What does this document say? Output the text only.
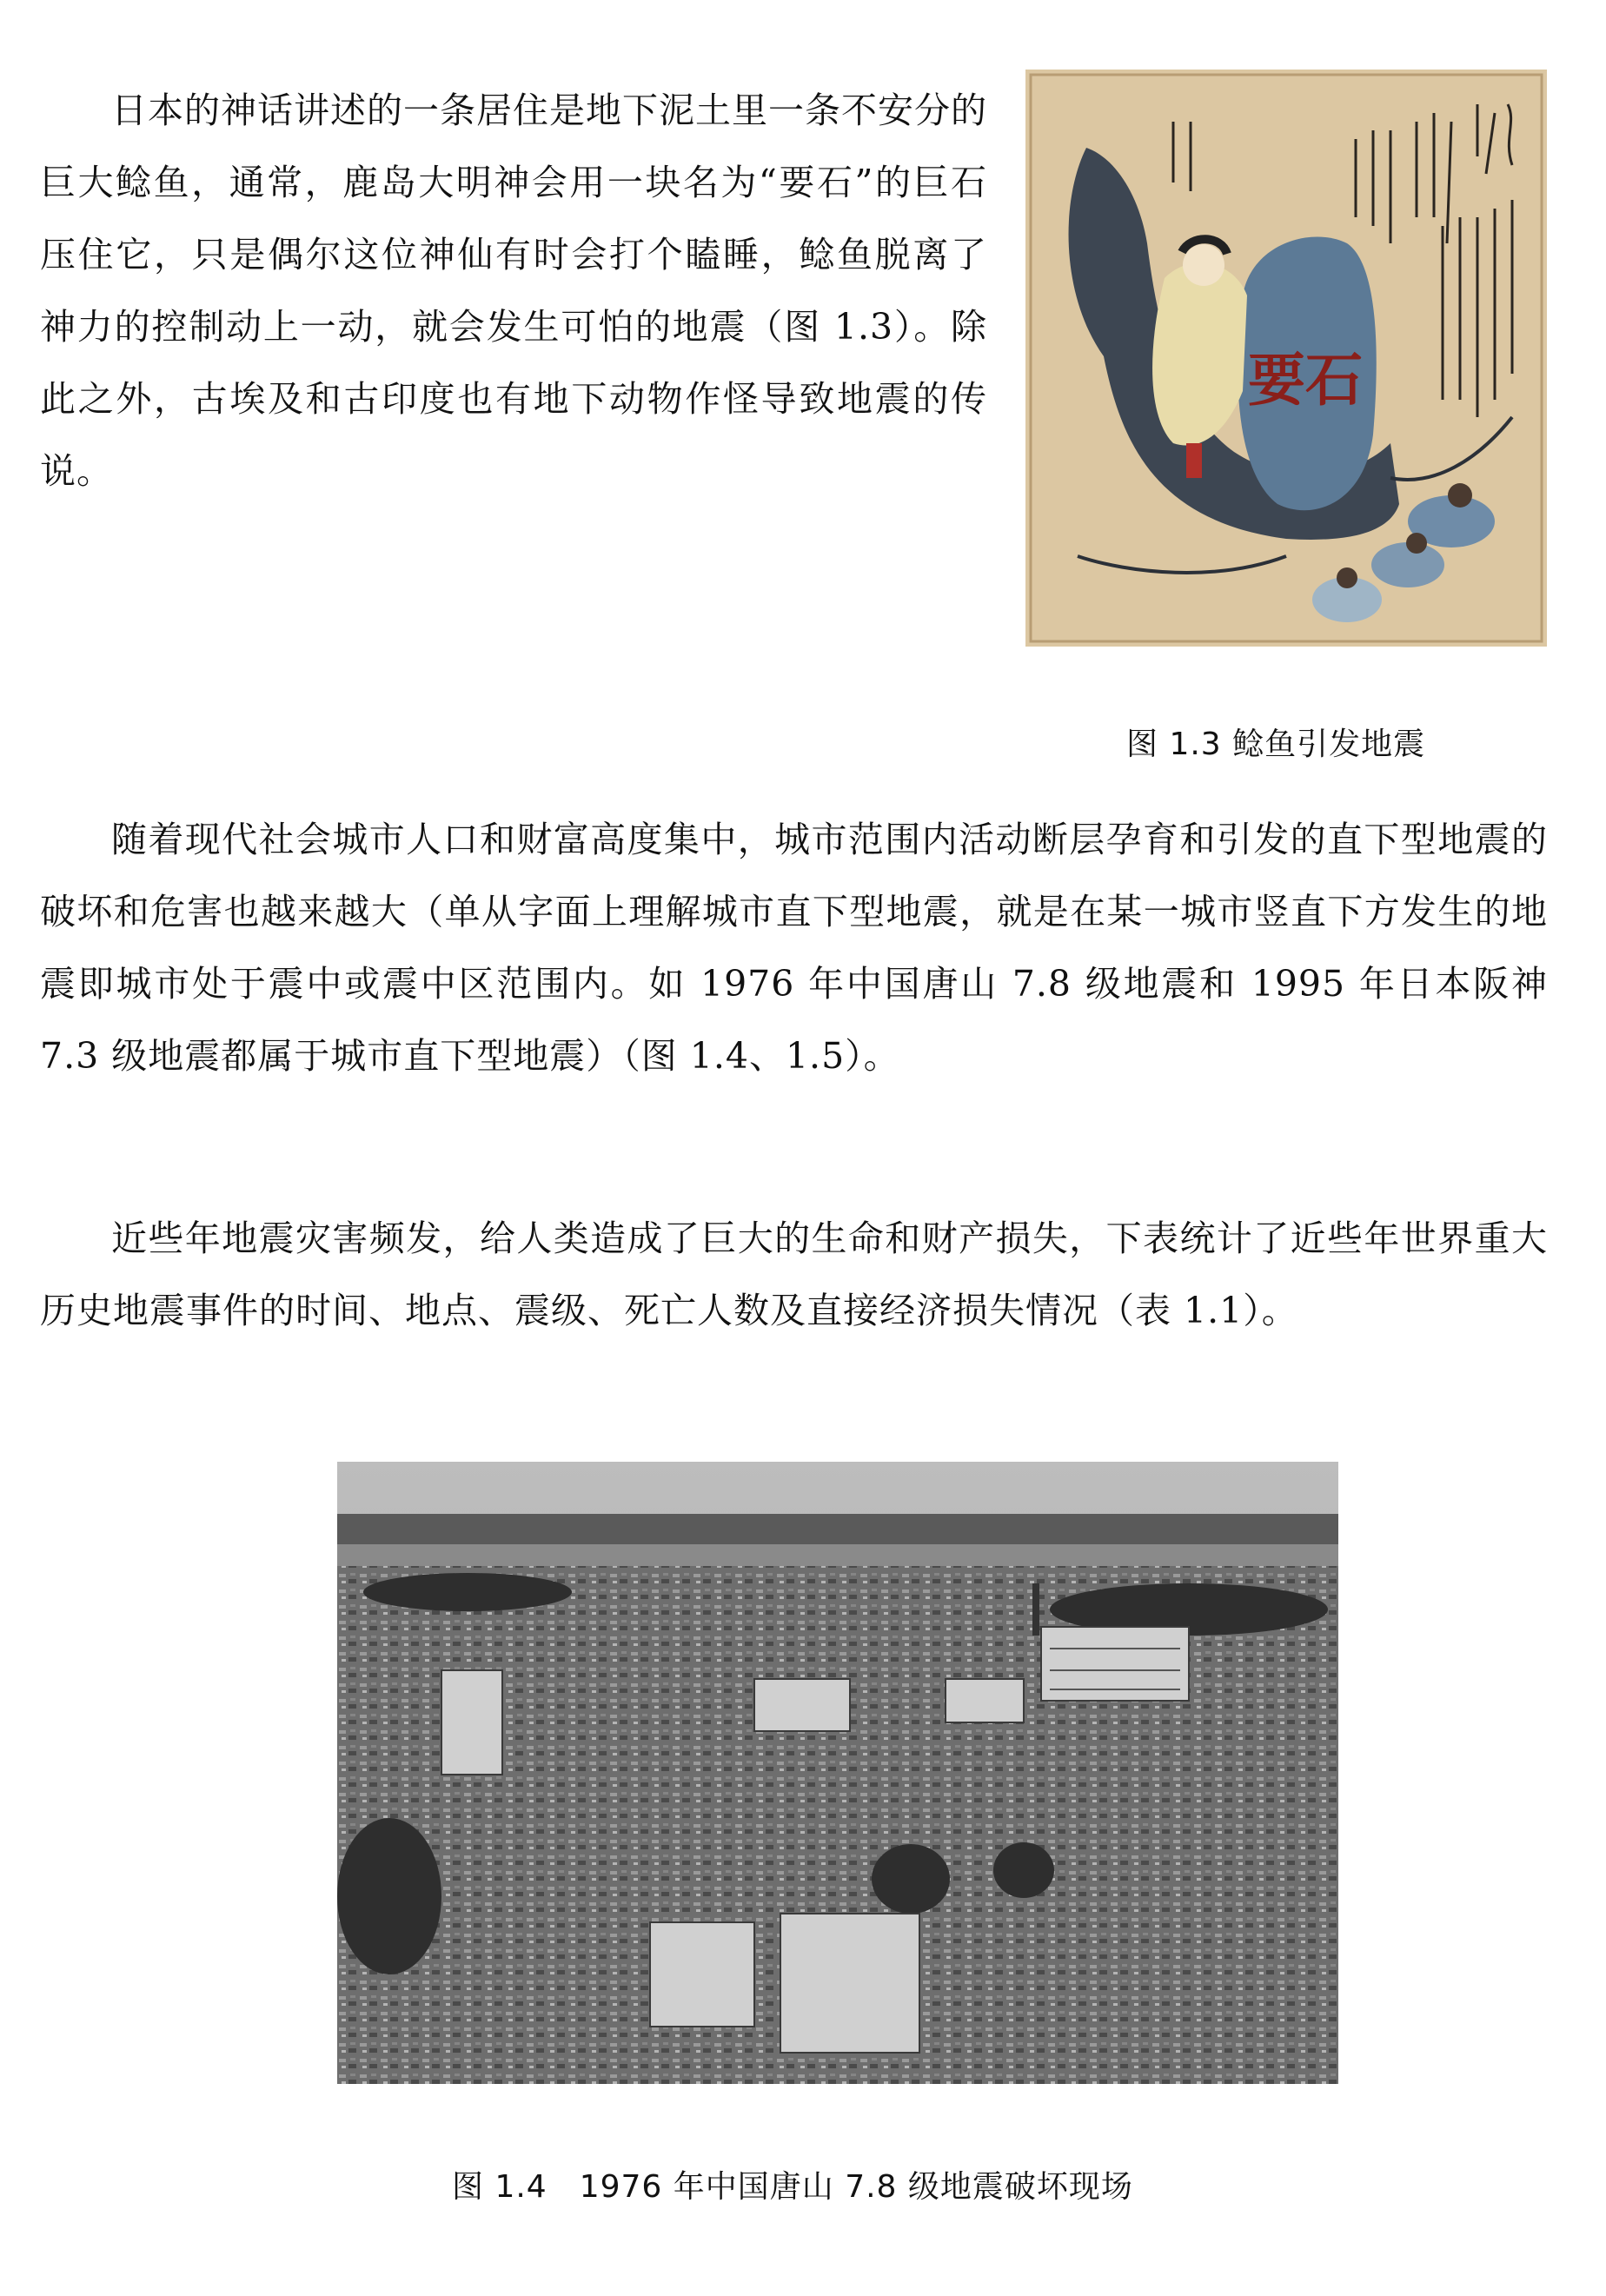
日本的神话讲述的一条居住是地下泥土里一条不安分的巨大鲶鱼，通常，鹿岛大明神会用一块名为“要石”的巨石压住它，只是偶尔这位神仙有时会打个瞌睡，鲶鱼脱离了神力的控制动上一动，就会发生可怕的地震（图 1.3）。除此之外，古埃及和古印度也有地下动物作怪导致地震的传说。

要石
图 1.3 鲶鱼引发地震

随着现代社会城市人口和财富高度集中，城市范围内活动断层孕育和引发的直下型地震的破坏和危害也越来越大（单从字面上理解城市直下型地震，就是在某一城市竖直下方发生的地震即城市处于震中或震中区范围内。如 1976 年中国唐山 7.8 级地震和 1995 年日本阪神 7.3 级地震都属于城市直下型地震）（图 1.4、1.5）。

近些年地震灾害频发，给人类造成了巨大的生命和财产损失，下表统计了近些年世界重大历史地震事件的时间、地点、震级、死亡人数及直接经济损失情况（表 1.1）。

图 1.4　1976 年中国唐山 7.8 级地震破坏现场
